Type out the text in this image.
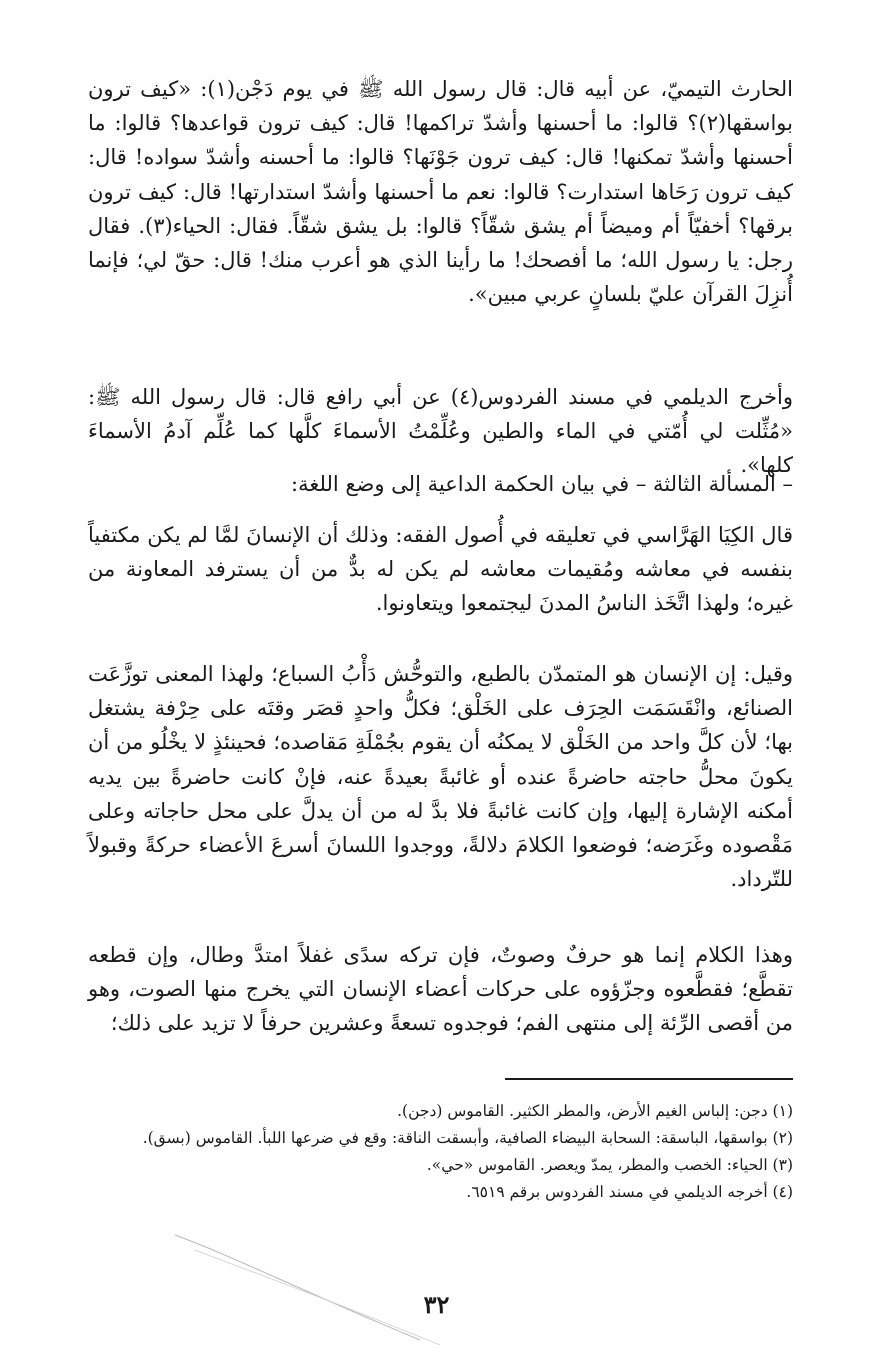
الحارث التيميّ، عن أبيه قال: قال رسول الله ﷺ في يوم دَجْن(١): «كيف ترون بواسقها(٢)؟ قالوا: ما أحسنها وأشدّ تراكمها! قال: كيف ترون قواعدها؟ قالوا: ما أحسنها وأشدّ تمكنها! قال: كيف ترون جَوْنَها؟ قالوا: ما أحسنه وأشدّ سواده! قال: كيف ترون رَحَاها استدارت؟ قالوا: نعم ما أحسنها وأشدّ استدارتها! قال: كيف ترون برقها؟ أخفيّاً أم وميضاً أم يشق شقّاً؟ قالوا: بل يشق شقّاً. فقال: الحياء(٣). فقال رجل: يا رسول الله؛ ما أفصحك! ما رأينا الذي هو أعرب منك! قال: حقّ لي؛ فإنما أُنزِلَ القرآن عليّ بلسانٍ عربي مبين».

وأخرج الديلمي في مسند الفردوس(٤) عن أبي رافع قال: قال رسول الله ﷺ: «مُثِّلت لي أُمّتي في الماء والطين وعُلِّمْتُ الأسماءَ كلَّها كما عُلِّم آدمُ الأسماءَ كلها».

– المسألة الثالثة – في بيان الحكمة الداعية إلى وضع اللغة:

قال الكِيَا الهَرَّاسي في تعليقه في أُصول الفقه: وذلك أن الإنسانَ لمَّا لم يكن مكتفياً بنفسه في معاشه ومُقيمات معاشه لم يكن له بدٌّ من أن يسترفد المعاونة من غيره؛ ولهذا اتَّخَذ الناسُ المدنَ ليجتمعوا ويتعاونوا.

وقيل: إن الإنسان هو المتمدّن بالطبع، والتوحُّش دَأْبُ السباع؛ ولهذا المعنى توزَّعَت الصنائع، وانْقَسَمَت الحِرَف على الخَلْق؛ فكلُّ واحدٍ قصَر وقتَه على حِرْفة يشتغل بها؛ لأن كلَّ واحد من الخَلْق لا يمكنُه أن يقوم بجُمْلَةِ مَقاصده؛ فحينئذٍ لا يخْلُو من أن يكونَ محلُّ حاجته حاضرةً عنده أو غائبةً بعيدةً عنه، فإنْ كانت حاضرةً بين يديه أمكنه الإشارة إليها، وإن كانت غائبةً فلا بدَّ له من أن يدلَّ على محل حاجاته وعلى مَقْصوده وغَرَضه؛ فوضعوا الكلامَ دلالةً، ووجدوا اللسانَ أسرعَ الأعضاء حركةً وقبولاً للتّرداد.

وهذا الكلام إنما هو حرفٌ وصوتٌ، فإن تركه سدًى غفلاً امتدَّ وطال، وإن قطعه تقطَّع؛ فقطَّعوه وجزّؤوه على حركات أعضاء الإنسان التي يخرج منها الصوت، وهو من أقصى الرِّئة إلى منتهى الفم؛ فوجدوه تسعةً وعشرين حرفاً لا تزيد على ذلك؛

(١) دجن: إلباس الغيم الأرض، والمطر الكثير. القاموس (دجن).

(٢) بواسقها، الباسقة: السحابة البيضاء الصافية، وأبسقت الناقة: وقع في ضرعها اللبأ. القاموس (بسق).

(٣) الحياء: الخصب والمطر، يمدّ ويعصر. القاموس «حي».

(٤) أخرجه الديلمي في مسند الفردوس برقم ٦٥١٩.

٣٢
